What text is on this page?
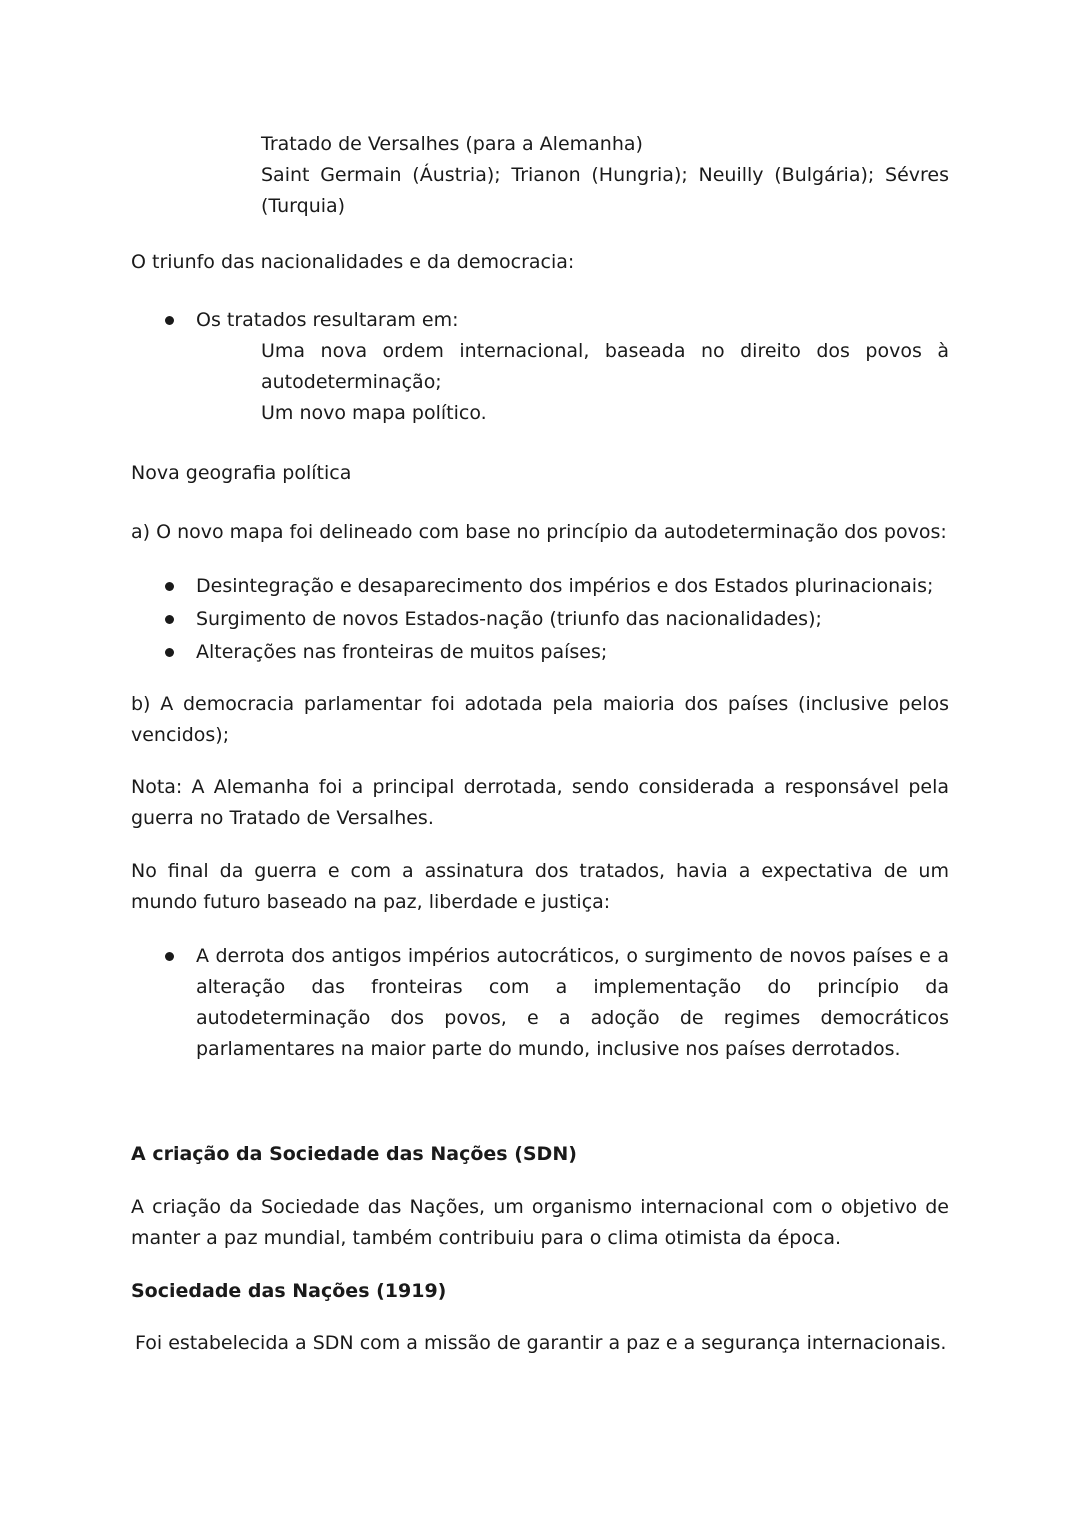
Tratado de Versalhes (para a Alemanha)

Saint Germain (Áustria); Trianon (Hungria); Neuilly (Bulgária); Sévres (Turquia)

O triunfo das nacionalidades e da democracia:

Os tratados resultaram em:

Uma nova ordem internacional, baseada no direito dos povos à autodeterminação;

Um novo mapa político.

Nova geografia política

a) O novo mapa foi delineado com base no princípio da autodeterminação dos povos:

Desintegração e desaparecimento dos impérios e dos Estados plurinacionais;
Surgimento de novos Estados-nação (triunfo das nacionalidades);
Alterações nas fronteiras de muitos países;

b) A democracia parlamentar foi adotada pela maioria dos países (inclusive pelos vencidos);

Nota: A Alemanha foi a principal derrotada, sendo considerada a responsável pela guerra no Tratado de Versalhes.

No final da guerra e com a assinatura dos tratados, havia a expectativa de um mundo futuro baseado na paz, liberdade e justiça:

A derrota dos antigos impérios autocráticos, o surgimento de novos países e a alteração das fronteiras com a implementação do princípio da autodeterminação dos povos, e a adoção de regimes democráticos parlamentares na maior parte do mundo, inclusive nos países derrotados.

A criação da Sociedade das Nações (SDN)

A criação da Sociedade das Nações, um organismo internacional com o objetivo de manter a paz mundial, também contribuiu para o clima otimista da época.

Sociedade das Nações (1919)

Foi estabelecida a SDN com a missão de garantir a paz e a segurança internacionais.
